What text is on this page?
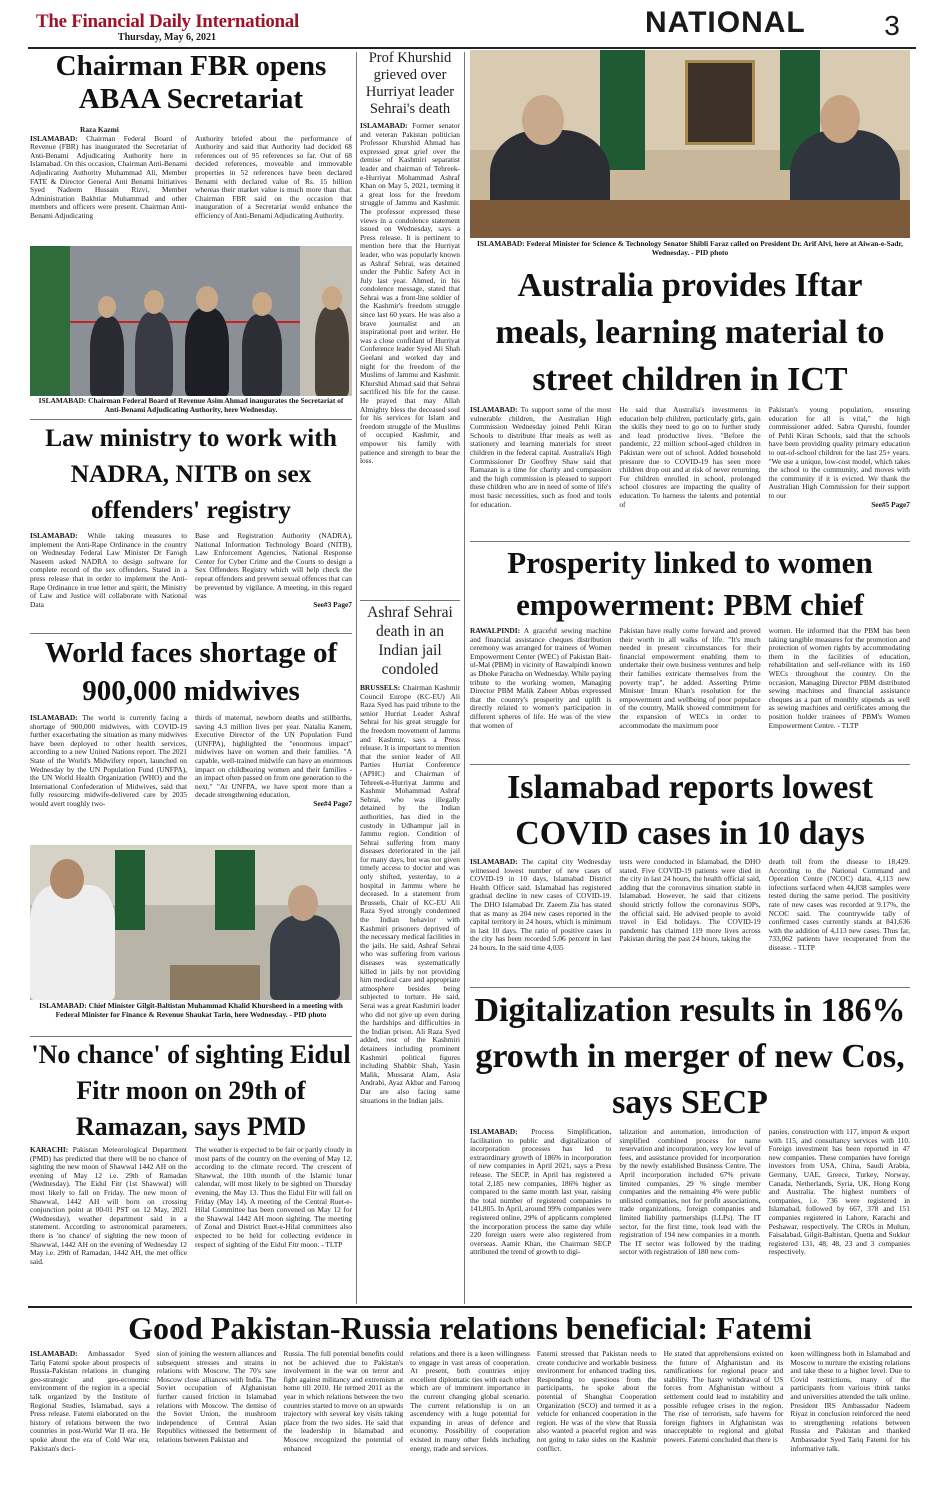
The Financial Daily International
Thursday, May 6, 2021	NATIONAL	3
Chairman FBR opens ABAA Secretariat
Raza Kazmi
ISLAMABAD: Chairman Federal Board of Revenue (FBR) has inaugurated the Secretariat of Anti-Benami Adjudicating Authority here in Islamabad. On this occasion, Chairman Anti-Benami Adjudicating Authority Muhammad Ali, Member FATE & Director General Anti Benami Initiatives Syed Nadeem Hussain Rizvi, Member Administration Bakhtiar Muhammad and other members and officers were present. Chairman Anti-Benami Adjudicating
Authority briefed about the performance of Authority and said that Authority had decided 68 references out of 95 references so far. Out of 68 decided references, moveable and immovable properties in 52 references have been declared Benami with declared value of Rs. 15 billion whereas their market value is much more than that. Chairman FBR said on the occasion that inauguration of a Secretariat would enhance the efficiency of Anti-Benami Adjudicating Authority.
ISLAMABAD: Chairman Federal Board of Revenue Asim Ahmad inaugurates the Secretariat of Anti-Benami Adjudicating Authority, here Wednesday.
Law ministry to work with NADRA, NITB on sex offenders' registry
ISLAMABAD: While taking measures to implement the Anti-Rape Ordinance in the country on Wednesday Federal Law Minister Dr Farogh Naseem asked NADRA to design software for complete record of the sex offenders. Stated in a press release that in order to implement the Anti-Rape Ordinance in true letter and spirit, the Ministry of Law and Justice will collaborate with National Data
Base and Registration Authority (NADRA), National Information Technology Board (NITB), Law Enforcement Agencies, National Response Center for Cyber Crime and the Courts to design a Sex Offenders Registry which will help check the repeat offenders and prevent sexual offences that can be prevented by vigilance. A meeting, in this regard was
See#3 Page7
World faces shortage of 900,000 midwives
ISLAMABAD: The world is currently facing a shortage of 900,000 midwives, with COVID-19 further exacerbating the situation as many midwives have been deployed to other health services, according to a new United Nations report. The 2021 State of the World's Midwifery report, launched on Wednesday by the UN Population Fund (UNFPA), the UN World Health Organization (WHO) and the International Confederation of Midwives, said that fully resourcing midwife-delivered care by 2035 would avert roughly two-
thirds of maternal, newborn deaths and stillbirths, saving 4.3 million lives per year. Natalia Kanem, Executive Director of the UN Population Fund (UNFPA), highlighted the "enormous impact" midwives have on women and their families. "A capable, well-trained midwife can have an enormous impact on childbearing women and their families - an impact often passed on from one generation to the next." "At UNFPA, we have spent more than a decade strengthening education,
See#4 Page7
ISLAMABAD: Chief Minister Gilgit-Baltistan Muhammad Khalid Khursheed in a meeting with Federal Minister for Finance & Revenue Shaukat Tarin, here Wednesday. - PID photo
'No chance' of sighting Eidul Fitr moon on 29th of Ramazan, says PMD
KARACHI: Pakistan Meteorological Department (PMD) has predicted that there will be no chance of sighting the new moon of Shawwal 1442 AH on the evening of May 12 i.e. 29th of Ramadan (Wednesday). The Eidul Fitr (1st Shawwal) will most likely to fall on Friday. The new moon of Shawwal, 1442 AH will born on crossing conjunction point at 00-01 PST on 12 May, 2021 (Wednesday), weather department said in a statement. According to astronomical parameters, there is 'no chance' of sighting the new moon of Shawwal, 1442 AH on the evening of Wednesday 12 May i.e. 29th of Ramadan, 1442 AH, the met office said.
The weather is expected to be fair or partly cloudy in most parts of the country on the evening of May 12, according to the climate record. The crescent of Shawwal, the 10th month of the Islamic lunar calendar, will most likely to be sighted on Thursday evening, the May 13. Thus the Eidul Fitr will fall on Friday (May 14). A meeting of the Central Ruet-e-Hilal Committee has been convened on May 12 for the Shawwal 1442 AH moon sighting. The meeting of Zonal and District Ruet-e-Hilal committees also expected to be held for collecting evidence in respect of sighting of the Eidul Fitr moon. - TLTP
Prof Khurshid grieved over Hurriyat leader Sehrai's death
ISLAMABAD: Former senator and veteran Pakistan politician Professor Khurshid Ahmad has expressed great grief over the demise of Kashmiri separatist leader and chairman of Tehreek-e-Hurriyat Mohammad Ashraf Khan on May 5, 2021, terming it a great loss for the freedom struggle of Jammu and Kashmir. The professor expressed these views in a condolence statement issued on Wednesday, says a Press release. It is pertinent to mention here that the Hurriyat leader, who was popularly known as Ashraf Sehrai, was detained under the Public Safety Act in July last year. Ahmed, in his condolence message, stated that Sehrai was a front-line soldier of the Kashmir's freedom struggle since last 60 years. He was also a brave journalist and an inspirational poet and writer. He was a close confidant of Hurriyat Conference leader Syed Ali Shah Geelani and worked day and night for the freedom of the Muslims of Jammu and Kashmir. Khurshid Ahmad said that Sehrai sacrificed his life for the cause. He prayed that may Allah Almighty bless the deceased soul for his services for Islam and freedom struggle of the Muslims of occupied Kashmir, and empower his family with patience and strength to bear the loss.
Ashraf Sehrai death in an Indian jail condoled
BRUSSELS: Chairman Kashmir Council Europe (KC-EU) Ali Raza Syed has paid tribute to the senior Hurriat Leader Ashraf Sehrai for his great struggle for the freedom movement of Jammu and Kashmir, says a Press release. It is important to mention that the senior leader of All Parties Hurriat Conference (APHC) and Chairman of Tehreek-e-Hurriyat Jammu and Kashmir Mohammad Ashraf Sehrai, who was illegally detained by the Indian authorities, has died in the custody in Udhampur jail in Jammu region. Condition of Sehrai suffering from many diseases deteriorated in the jail for many days, but was not given timely access to doctor and was only shifted, yesterday, to a hospital in Jammu where he deceased. In a statement from Brussels, Chair of KC-EU Ali Raza Syed strongly condemned the Indian behavior with Kashmiri prisoners deprived of the necessary medical facilities in the jails. He said, Ashraf Sehrai who was suffering from various diseases was systematically killed in jails by not providing him medical care and appropriate atmosphere besides being subjected to torture. He said, Serai was a great Kashmiri leader who did not give up even during the hardships and difficulties in the Indian prison. Ali Raza Syed added, rest of the Kashmiri detainees including prominent Kashmiri political figures including Shabbir Shah, Yasin Malik, Mussarat Alam, Asia Andrabi, Ayaz Akbar and Farooq Dar are also facing same situations in the Indian jails.
ISLAMABAD: Federal Minister for Science & Technology Senator Shibli Faraz called on President Dr. Arif Alvi, here at Aiwan-e-Sadr, Wednesday. - PID photo
Australia provides Iftar meals, learning material to street children in ICT
ISLAMABAD: To support some of the most vulnerable children, the Australian High Commission Wednesday joined Pehli Kiran Schools to distribute Iftar meals as well as stationery and learning materials for street children in the federal capital. Australia's High Commissioner Dr Geoffrey Shaw said that Ramazan is a time for charity and compassion and the high commission is pleased to support these children who are in need of some of life's most basic necessities, such as food and tools for education.
He said that Australia's investments in education help children, particularly girls, gain the skills they need to go on to further study and lead productive lives. "Before the pandemic, 22 million school-aged children in Pakistan were out of school. Added household pressure due to COVID-19 has seen more children drop out and at risk of never returning. For children enrolled in school, prolonged school closures are impacting the quality of education. To harness the talents and potential of
Pakistan's young population, ensuring education for all is vital," the high commissioner added. Sabra Qureshi, founder of Pehli Kiran Schools, said that the schools have been providing quality primary education to out-of-school children for the last 25+ years. "We use a unique, low-cost model, which takes the school to the community, and moves with the community if it is evicted. We thank the Australian High Commission for their support to our
See#5 Page7
Prosperity linked to women empowerment: PBM chief
RAWALPINDI: A graceful sewing machine and financial assistance cheques distribution ceremony was arranged for trainees of Women Empowerment Center (WEC) of Pakistan Bait-ul-Mal (PBM) in vicinity of Rawalpindi known as Dhoke Paracha on Wednesday. While paying tribute to the working women, Managing Director PBM Malik Zaheer Abbas expressed that the country's prosperity and uplift is directly related to women's participation in different spheres of life. He was of the view that women of
Pakistan have really come forward and proved their worth in all walks of life. "It's much needed in present circumstances for their financial empowerment enabling them to undertake their own business ventures and help their families extricate themselves from the poverty trap", he added. Asserting Prime Minister Imran Khan's resolution for the empowerment and wellbeing of poor populace of the country, Malik showed commitment for the expansion of WECs in order to accommodate the maximum poor
women. He informed that the PBM has been taking tangible measures for the promotion and protection of women rights by accommodating them in the facilities of education, rehabilitation and self-reliance with its 160 WECs throughout the country. On the occasion, Managing Director PBM distributed sewing machines and financial assistance cheques as a part of monthly stipends as well as sewing machines and certificates among the position holder trainees of PBM's Women Empowerment Centre. - TLTP
Islamabad reports lowest COVID cases in 10 days
ISLAMABAD: The capital city Wednesday witnessed lowest number of new cases of COVID-19 in 10 days, Islamabad District Health Officer said. Islamabad has registered gradual decline in new cases of COVID-19. The DHO Islamabad Dr. Zaeem Zia has stated that as many as 204 new cases reported in the capital territory in 24 hours, which is minimum in last 10 days. The ratio of positive cases in the city has been recorded 5.06 percent in last 24 hours. In the said time 4,035
tests were conducted in Islamabad, the DHO stated. Five COVID-19 patients were died in the city in last 24 hours, the health official said, adding that the coronavirus situation stable in Islamabad. However, he said that citizens should strictly follow the coronavirus SOPs, the official said. He advised people to avoid travel in Eid holidays. The COVID-19 pandemic has claimed 119 more lives across Pakistan during the past 24 hours, taking the
death toll from the disease to 18,429. According to the National Command and Operation Centre (NCOC) data, 4,113 new infections surfaced when 44,838 samples were tested during the same period. The positivity rate of new cases was recorded at 9.17%, the NCOC said. The countrywide tally of confirmed cases currently stands at 841,636 with the addition of 4,113 new cases. Thus far, 733,062 patients have recuperated from the disease. - TLTP
Digitalization results in 186% growth in merger of new Cos, says SECP
ISLAMABAD: Process Simplification, facilitation to public and digitalization of incorporation processes has led to extraordinary growth of 186% in incorporation of new companies in April 2021, says a Press release. The SECP, in April has registered a total 2,185 new companies, 186% higher as compared to the same month last year, raising the total number of registered companies to 141,805. In April, around 99% companies were registered online, 29% of applicants completed the incorporation process the same day while 220 foreign users were also registered from overseas. Aamir Khan, the Chairman SECP attributed the trend of growth to digi-
talization and automation, introduction of simplified combined process for name reservation and incorporation, very low level of fees, and assistance provided for incorporation by the newly established Business Centre. The April incorporation included 67% private limited companies, 29 % single member companies and the remaining 4% were public unlisted companies, not for profit associations, trade organizations, foreign companies and limited liability partnerships (LLPs). The IT sector, for the first time, took lead with the registration of 194 new companies in a month. The IT sector was followed by the trading sector with registration of 180 new com-
panies, construction with 117, import & export with 115, and consultancy services with 110. Foreign investment has been reported in 47 new companies. These companies have foreign investors from USA, China, Saudi Arabia, Germany, UAE, Greece, Turkey, Norway, Canada, Netherlands, Syria, UK, Hong Kong and Australia. The highest numbers of companies, i.e. 736 were registered in Islamabad, followed by 667, 378 and 151 companies registered in Lahore, Karachi and Peshawar, respectively. The CROs in Multan, Faisalabad, Gilgit-Baltistan, Quetta and Sukkur registered 131, 48, 48, 23 and 3 companies respectively.
Good Pakistan-Russia relations beneficial: Fatemi
ISLAMABAD: Ambassador Syed Tariq Fatemi spoke about prospects of Russia-Pakistan relations in changing geo-strategic and geo-economic environment of the region in a special talk organized by the Institute of Regional Studies, Islamabad, says a Press release. Fatemi elaborated on the history of relations between the two countries in post-World War II era. He spoke about the era of Cold War era, Pakistan's deci-
sion of joining the western alliances and subsequent stresses and strains in relations with Moscow. The 70's saw Moscow close alliances with India. The Soviet occupation of Afghanistan further caused friction in Islamabad relations with Moscow. The demise of the Soviet Union, the mushroom independence of Central Asian Republics witnessed the betterment of relations between Pakistan and
Russia. The full potential benefits could not be achieved due to Pakistan's involvement in the war on terror and fight against militancy and extremism at home till 2010. He termed 2011 as the year in which relations between the two countries started to move on an upwards trajectory with several key visits taking place from the two sides. He said that the leadership in Islamabad and Moscow recognized the potential of enhanced
relations and there is a keen willingness to engage in vast areas of cooperation. At present, both countries enjoy excellent diplomatic ties with each other which are of imminent importance in the current changing global scenario. The current relationship is on an ascendency with a huge potential for expanding in areas of defence and economy. Possibility of cooperation existed in many other fields including energy, trade and services.
Fatemi stressed that Pakistan needs to create conducive and workable business environment for enhanced trading ties. Responding to questions from the participants, he spoke about the potential of Shanghai Cooperation Organization (SCO) and termed it as a vehicle for enhanced cooperation in the region. He was of the view that Russia also wanted a peaceful region and was not going to take sides on the Kashmir conflict.
He stated that apprehensions existed on the future of Afghanistan and its ramifications for regional peace and stability. The hasty withdrawal of US forces from Afghanistan without a settlement could lead to instability and possible refugee crises in the region. The rise of terrorism, safe havens for foreign fighters in Afghanistan was unacceptable to regional and global powers. Fatemi concluded that there is
keen willingness both in Islamabad and Moscow to nurture the existing relations and take these to a higher level. Due to Covid restrictions, many of the participants from various think tanks and universities attended the talk online. President IRS Ambassador Nadeem Riyaz in conclusion reinforced the need to strengthening relations between Russia and Pakistan and thanked Ambassador Syed Tariq Fatemi for his informative talk.
